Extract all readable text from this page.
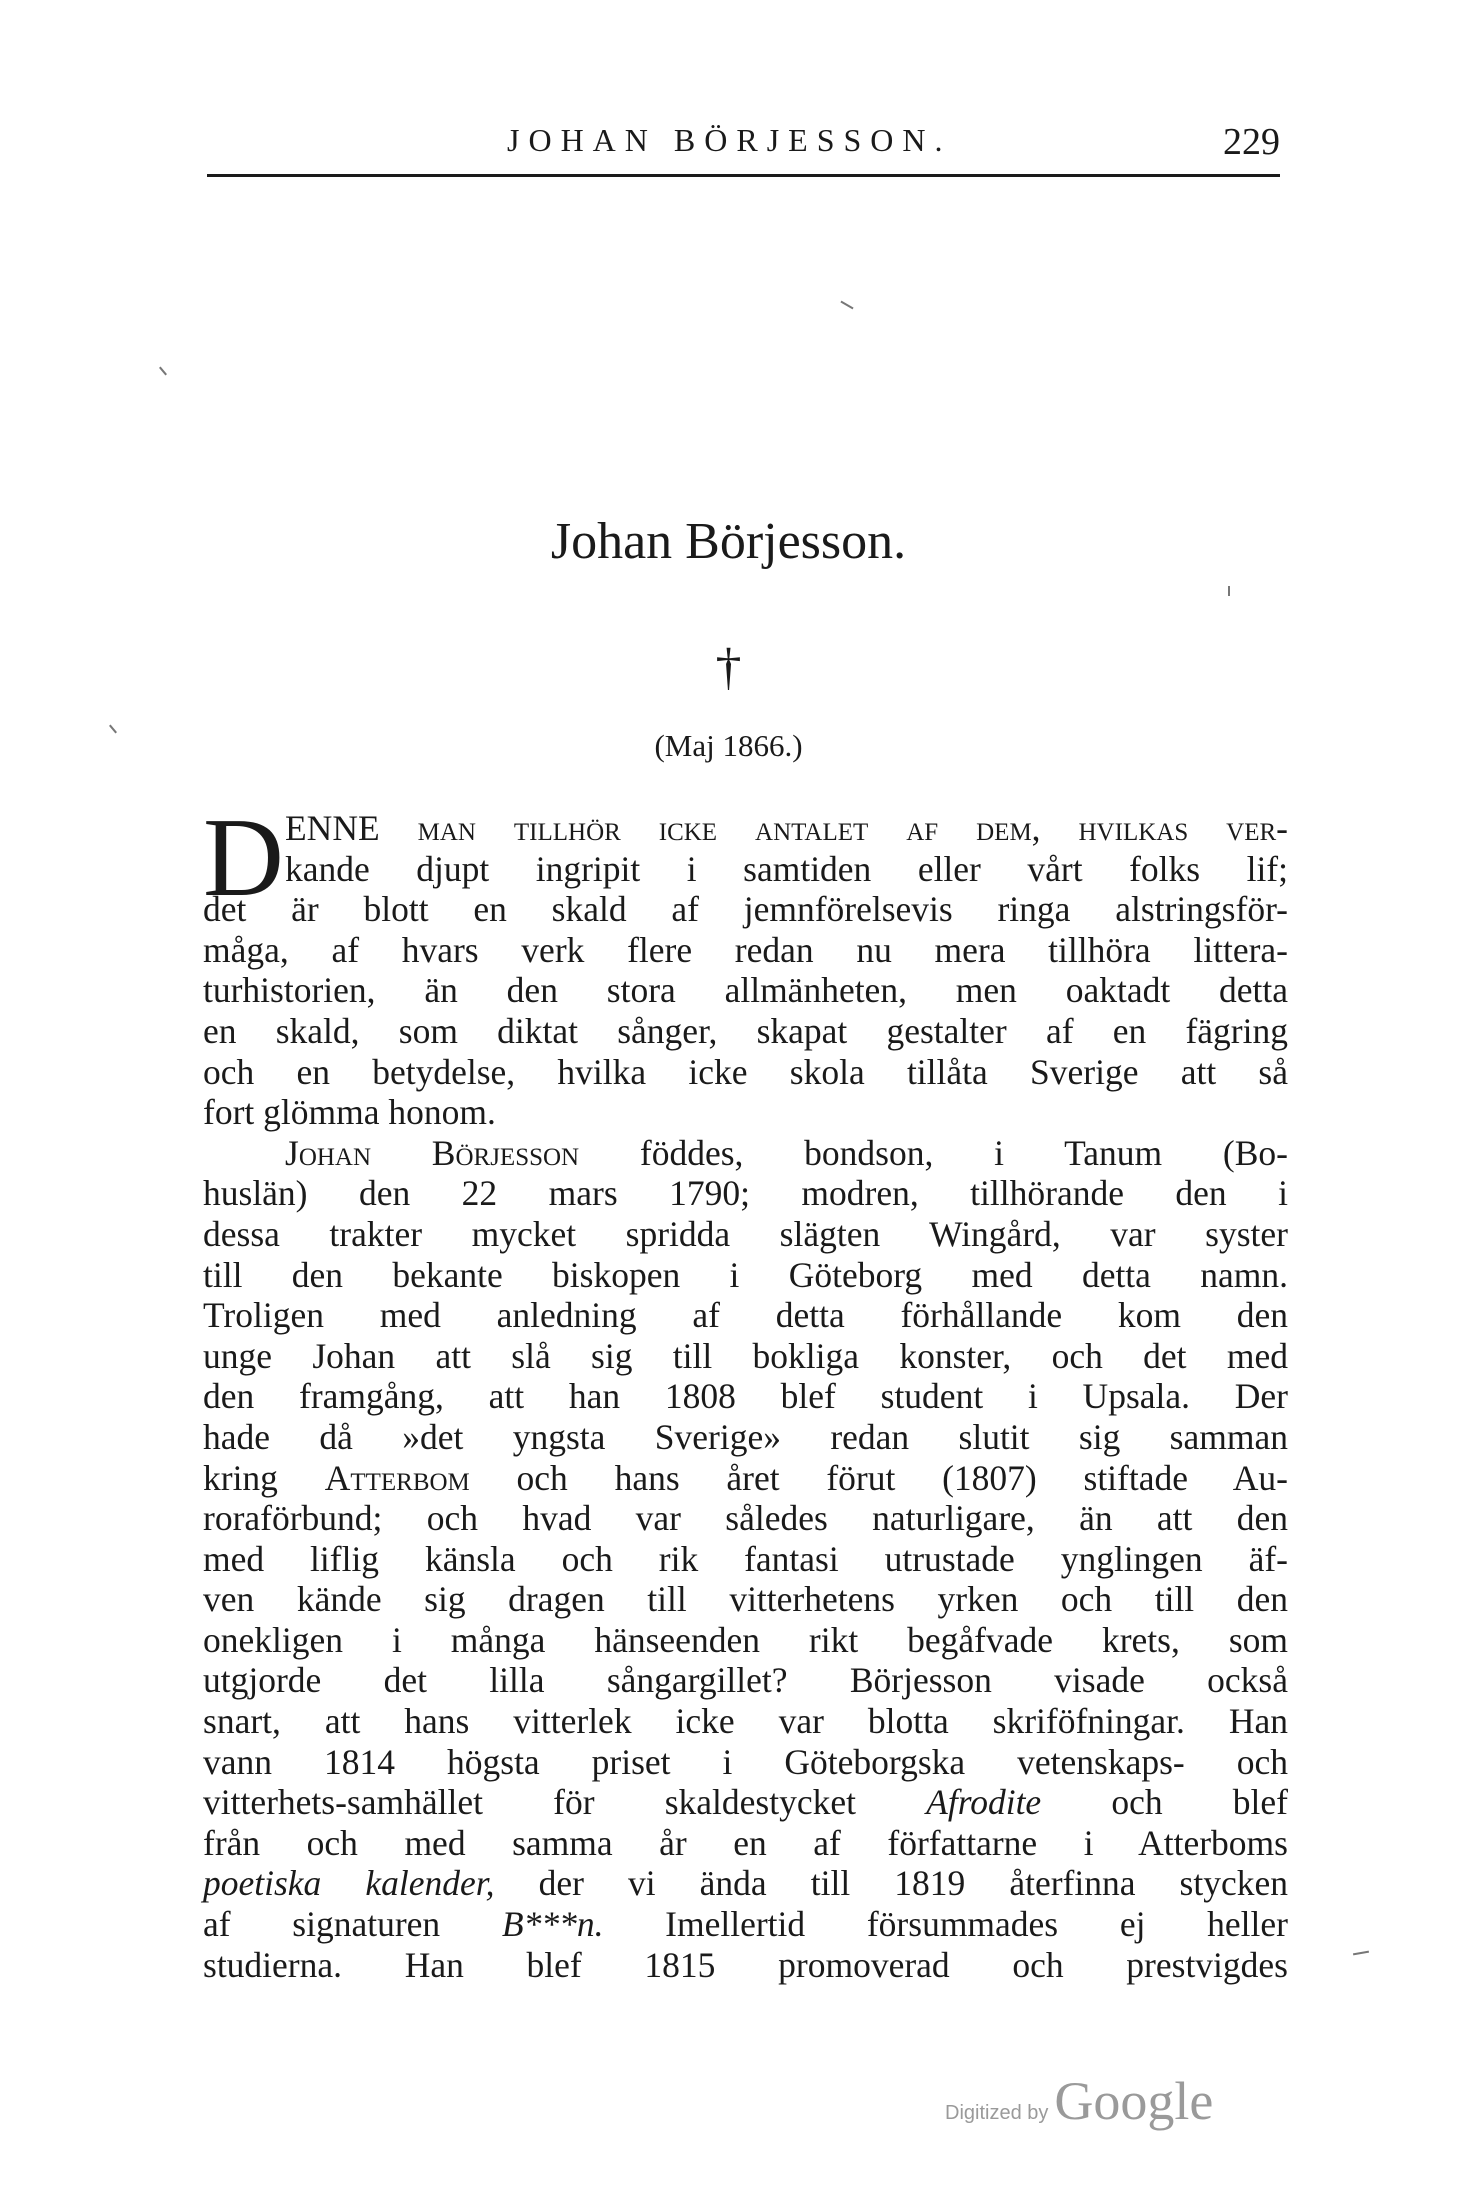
JOHAN BÖRJESSON.	229
Johan Börjesson.
†
(Maj 1866.)
D ENNE man tillhör icke antalet af dem, hvilkas ver-
kande djupt ingripit i samtiden eller vårt folks lif;
det är blott en skald af jemnförelsevis ringa alstringsför-
måga, af hvars verk flere redan nu mera tillhöra littera-
turhistorien, än den stora allmänheten, men oaktadt detta
en skald, som diktat sånger, skapat gestalter af en fägring
och en betydelse, hvilka icke skola tillåta Sverige att så
fort glömma honom.
Johan Börjesson föddes, bondson, i Tanum (Bo-
huslän) den 22 mars 1790; modren, tillhörande den i
dessa trakter mycket spridda slägten Wingård, var syster
till den bekante biskopen i Göteborg med detta namn.
Troligen med anledning af detta förhållande kom den
unge Johan att slå sig till bokliga konster, och det med
den framgång, att han 1808 blef student i Upsala. Der
hade då »det yngsta Sverige» redan slutit sig samman
kring Atterbom och hans året förut (1807) stiftade Au-
roraförbund; och hvad var således naturligare, än att den
med liflig känsla och rik fantasi utrustade ynglingen äf-
ven kände sig dragen till vitterhetens yrken och till den
onekligen i många hänseenden rikt begåfvade krets, som
utgjorde det lilla sångargillet? Börjesson visade också
snart, att hans vitterlek icke var blotta skriföfningar. Han
vann 1814 högsta priset i Göteborgska vetenskaps- och
vitterhets-samhället för skaldestycket Afrodite och blef
från och med samma år en af författarne i Atterboms
poetiska kalender, der vi ända till 1819 återfinna stycken
af signaturen B***n. Imellertid försummades ej heller
studierna. Han blef 1815 promoverad och prestvigdes
Digitized by Google
